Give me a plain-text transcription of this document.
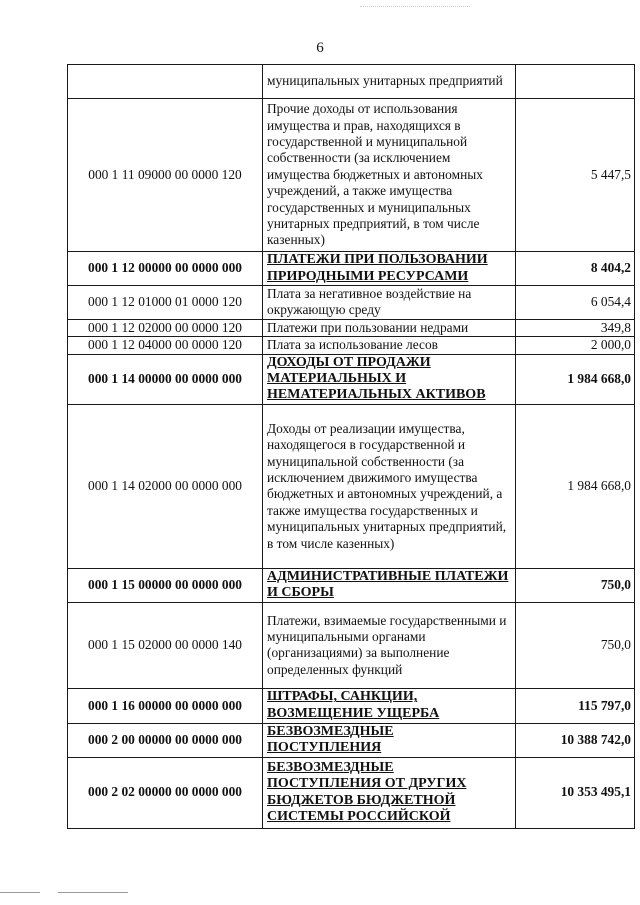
6
	муниципальных унитарных предприятий	
000 1 11 09000 00 0000 120	Прочие доходы от использования имущества и прав, находящихся в государственной и муниципальной собственности (за исключением имущества бюджетных и автономных учреждений, а также имущества государственных и муниципальных унитарных предприятий, в том числе казенных)	5 447,5
000 1 12 00000 00 0000 000	ПЛАТЕЖИ ПРИ ПОЛЬЗОВАНИИ ПРИРОДНЫМИ РЕСУРСАМИ	8 404,2
000 1 12 01000 01 0000 120	Плата за негативное воздействие на окружающую среду	6 054,4
000 1 12 02000 00 0000 120	Платежи при пользовании недрами	349,8
000 1 12 04000 00 0000 120	Плата за использование лесов	2 000,0
000 1 14 00000 00 0000 000	ДОХОДЫ ОТ ПРОДАЖИ МАТЕРИАЛЬНЫХ И НЕМАТЕРИАЛЬНЫХ АКТИВОВ	1 984 668,0
000 1 14 02000 00 0000 000	Доходы от реализации имущества, находящегося в государственной и муниципальной собственности (за исключением движимого имущества бюджетных и автономных учреждений, а также имущества государственных и муниципальных унитарных предприятий, в том числе казенных)	1 984 668,0
000 1 15 00000 00 0000 000	АДМИНИСТРАТИВНЫЕ ПЛАТЕЖИ И СБОРЫ	750,0
000 1 15 02000 00 0000 140	Платежи, взимаемые государственными и муниципальными органами (организациями) за выполнение определенных функций	750,0
000 1 16 00000 00 0000 000	ШТРАФЫ, САНКЦИИ, ВОЗМЕЩЕНИЕ УЩЕРБА	115 797,0
000 2 00 00000 00 0000 000	БЕЗВОЗМЕЗДНЫЕ ПОСТУПЛЕНИЯ	10 388 742,0
000 2 02 00000 00 0000 000	БЕЗВОЗМЕЗДНЫЕ ПОСТУПЛЕНИЯ ОТ ДРУГИХ БЮДЖЕТОВ БЮДЖЕТНОЙ СИСТЕМЫ РОССИЙСКОЙ	10 353 495,1
